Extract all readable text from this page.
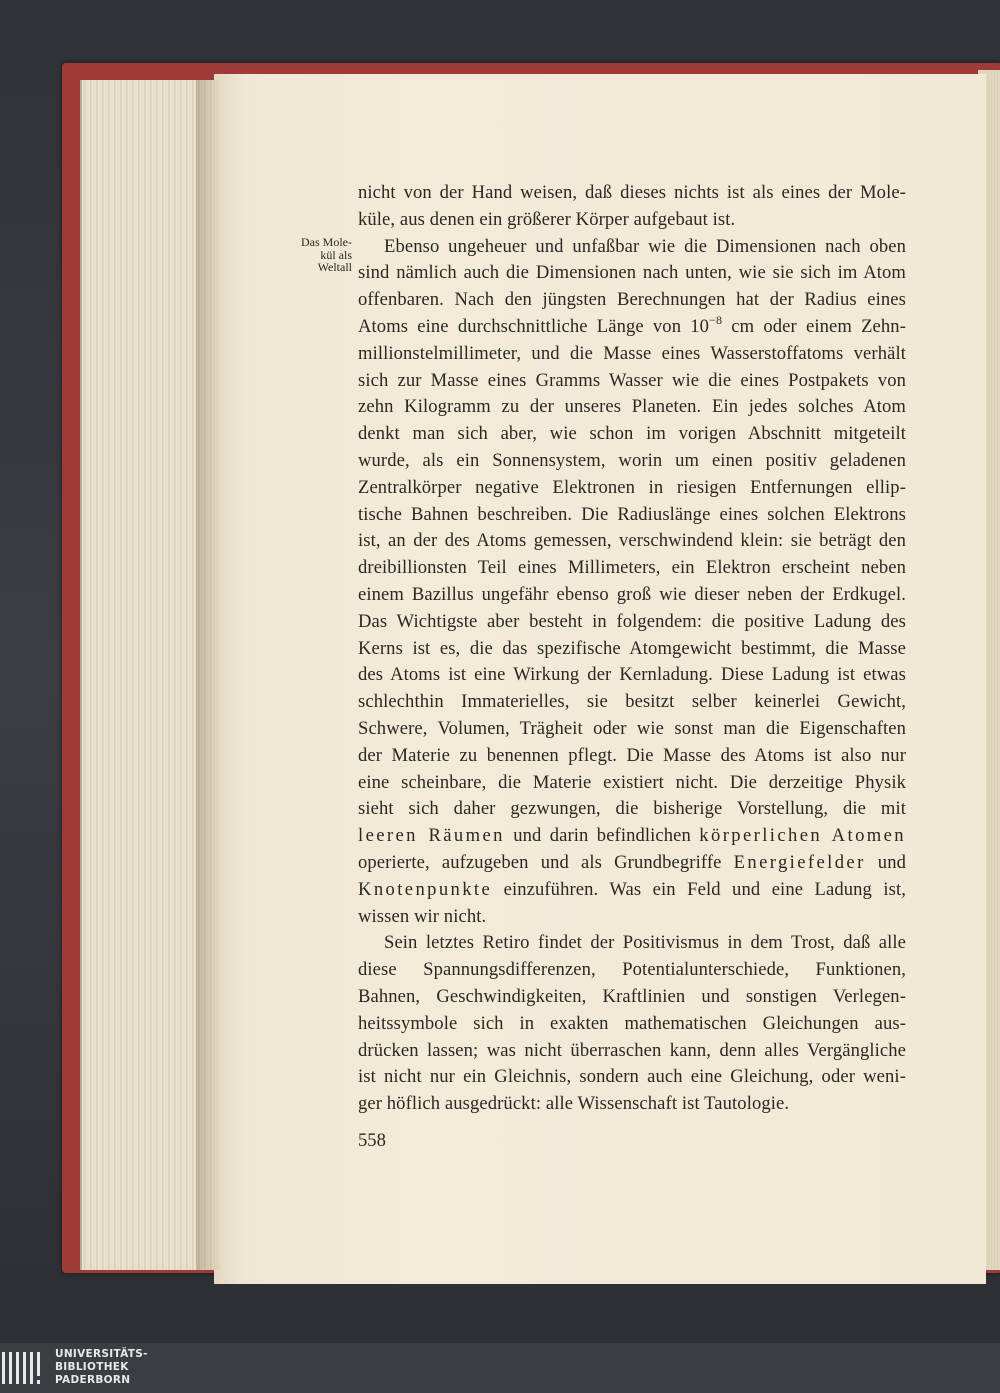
Das Mole-
kül als
Weltall

nicht von der Hand weisen, daß dieses nichts ist als eines der Mole-
küle, aus denen ein größerer Körper aufgebaut ist.

Ebenso ungeheuer und unfaßbar wie die Dimensionen nach oben
sind nämlich auch die Dimensionen nach unten, wie sie sich im Atom
offenbaren. Nach den jüngsten Berechnungen hat der Radius eines
Atoms eine durchschnittliche Länge von $10^{-8}$ cm oder einem Zehn-
millionstelmillimeter, und die Masse eines Wasserstoffatoms verhält
sich zur Masse eines Gramms Wasser wie die eines Postpakets von
zehn Kilogramm zu der unseres Planeten. Ein jedes solches Atom
denkt man sich aber, wie schon im vorigen Abschnitt mitgeteilt
wurde, als ein Sonnensystem, worin um einen positiv geladenen
Zentralkörper negative Elektronen in riesigen Entfernungen ellip-
tische Bahnen beschreiben. Die Radiuslänge eines solchen Elektrons
ist, an der des Atoms gemessen, verschwindend klein: sie beträgt den
dreibillionsten Teil eines Millimeters, ein Elektron erscheint neben
einem Bazillus ungefähr ebenso groß wie dieser neben der Erdkugel.
Das Wichtigste aber besteht in folgendem: die positive Ladung des
Kerns ist es, die das spezifische Atomgewicht bestimmt, die Masse
des Atoms ist eine Wirkung der Kernladung. Diese Ladung ist etwas
schlechthin Immaterielles, sie besitzt selber keinerlei Gewicht,
Schwere, Volumen, Trägheit oder wie sonst man die Eigenschaften
der Materie zu benennen pflegt. Die Masse des Atoms ist also nur
eine scheinbare, die Materie existiert nicht. Die derzeitige Physik
sieht sich daher gezwungen, die bisherige Vorstellung, die mit
leeren Räumen und darin befindlichen körperlichen Atomen
operierte, aufzugeben und als Grundbegriffe Energiefelder und
Knotenpunkte einzuführen. Was ein Feld und eine Ladung ist,
wissen wir nicht.

Sein letztes Retiro findet der Positivismus in dem Trost, daß alle
diese Spannungsdifferenzen, Potentialunterschiede, Funktionen,
Bahnen, Geschwindigkeiten, Kraftlinien und sonstigen Verlegen-
heitssymbole sich in exakten mathematischen Gleichungen aus-
drücken lassen; was nicht überraschen kann, denn alles Vergängliche
ist nicht nur ein Gleichnis, sondern auch eine Gleichung, oder weni-
ger höflich ausgedrückt: alle Wissenschaft ist Tautologie.

558
UNIVERSITÄTS-
BIBLIOTHEK
PADERBORN
